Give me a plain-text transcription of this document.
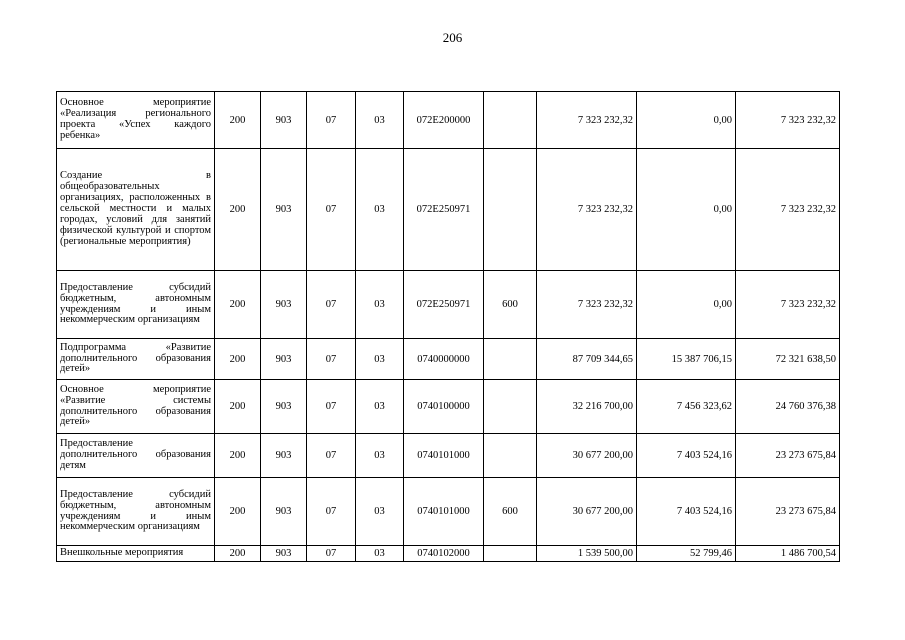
206
Основное мероприятие «Реализация регионального проекта «Успех каждого ребенка»	200	903	07	03	072E200000		7 323 232,32	0,00	7 323 232,32
Создание в общеобразовательных организациях, расположенных в сельской местности и малых городах, условий для занятий физической культурой и спортом (региональные мероприятия)	200	903	07	03	072E250971		7 323 232,32	0,00	7 323 232,32
Предоставление субсидий бюджетным, автономным учреждениям и иным некоммерческим организациям	200	903	07	03	072E250971	600	7 323 232,32	0,00	7 323 232,32
Подпрограмма «Развитие дополнительного образования детей»	200	903	07	03	0740000000		87 709 344,65	15 387 706,15	72 321 638,50
Основное мероприятие «Развитие системы дополнительного образования детей»	200	903	07	03	0740100000		32 216 700,00	7 456 323,62	24 760 376,38
Предоставление дополнительного образования детям	200	903	07	03	0740101000		30 677 200,00	7 403 524,16	23 273 675,84
Предоставление субсидий бюджетным, автономным учреждениям и иным некоммерческим организациям	200	903	07	03	0740101000	600	30 677 200,00	7 403 524,16	23 273 675,84
Внешкольные мероприятия	200	903	07	03	0740102000		1 539 500,00	52 799,46	1 486 700,54
